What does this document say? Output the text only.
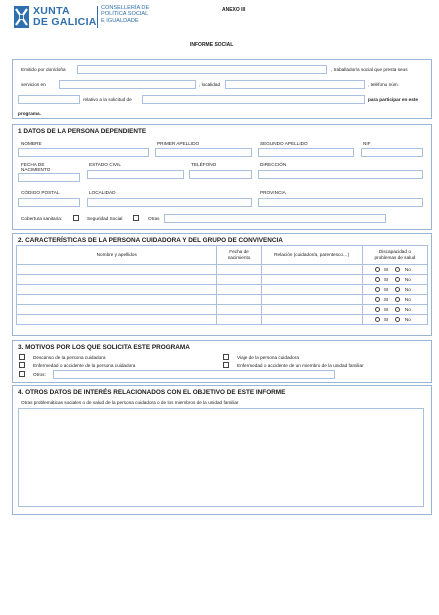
XUNTA
DE GALICIA
CONSELLERÍA DE
POLÍTICA SOCIAL
E IGUALDADE
ANEXO III
INFORME SOCIAL
Emitido por don/doña	, traballador/a social que presta seus
servicios en	, localidad	, teléfono núm.
relativo a la solicitud de	para participar en este
programa.
1 DATOS DE LA PERSONA DEPENDIENTE
NOMBRE	PRIMER APELLIDO	SEGUNDO APELLIDO	NIF
FECHA DE
NACIMIENTO
ESTADO CIVIL	TELÉFONO	DIRECCIÓN
CÓDIGO POSTAL	LOCALIDAD	PROVINCIA
Cobertura sanitaria:	Seguridad Social	Otras
2. CARACTERÍSTICAS DE LA PERSONA CUIDADORA Y DEL GRUPO DE CONVIVENCIA
Nombre y apellidos	Fecha de
nacimiento	Relación (cuidador/a, parentesco…)	Discapacidad o
problemas de salud

			SI No

			SI No

			SI No

			SI No

			SI No

			SI No
3. MOTIVOS POR LOS QUE SOLICITA ESTE PROGRAMA
Descanso de la persona cuidadora	Viaje de la persona cuidadora
Enfermedad o accidente de la persona cuidadora	Enfermedad o accidente de un miembro de la unidad familiar
Otros:
4. OTROS DATOS DE INTERÉS RELACIONADOS CON EL OBJETIVO DE ESTE INFORME
Otras problemáticas sociales o de salud de la persona cuidadora o de los miembros de la unidad familiar
